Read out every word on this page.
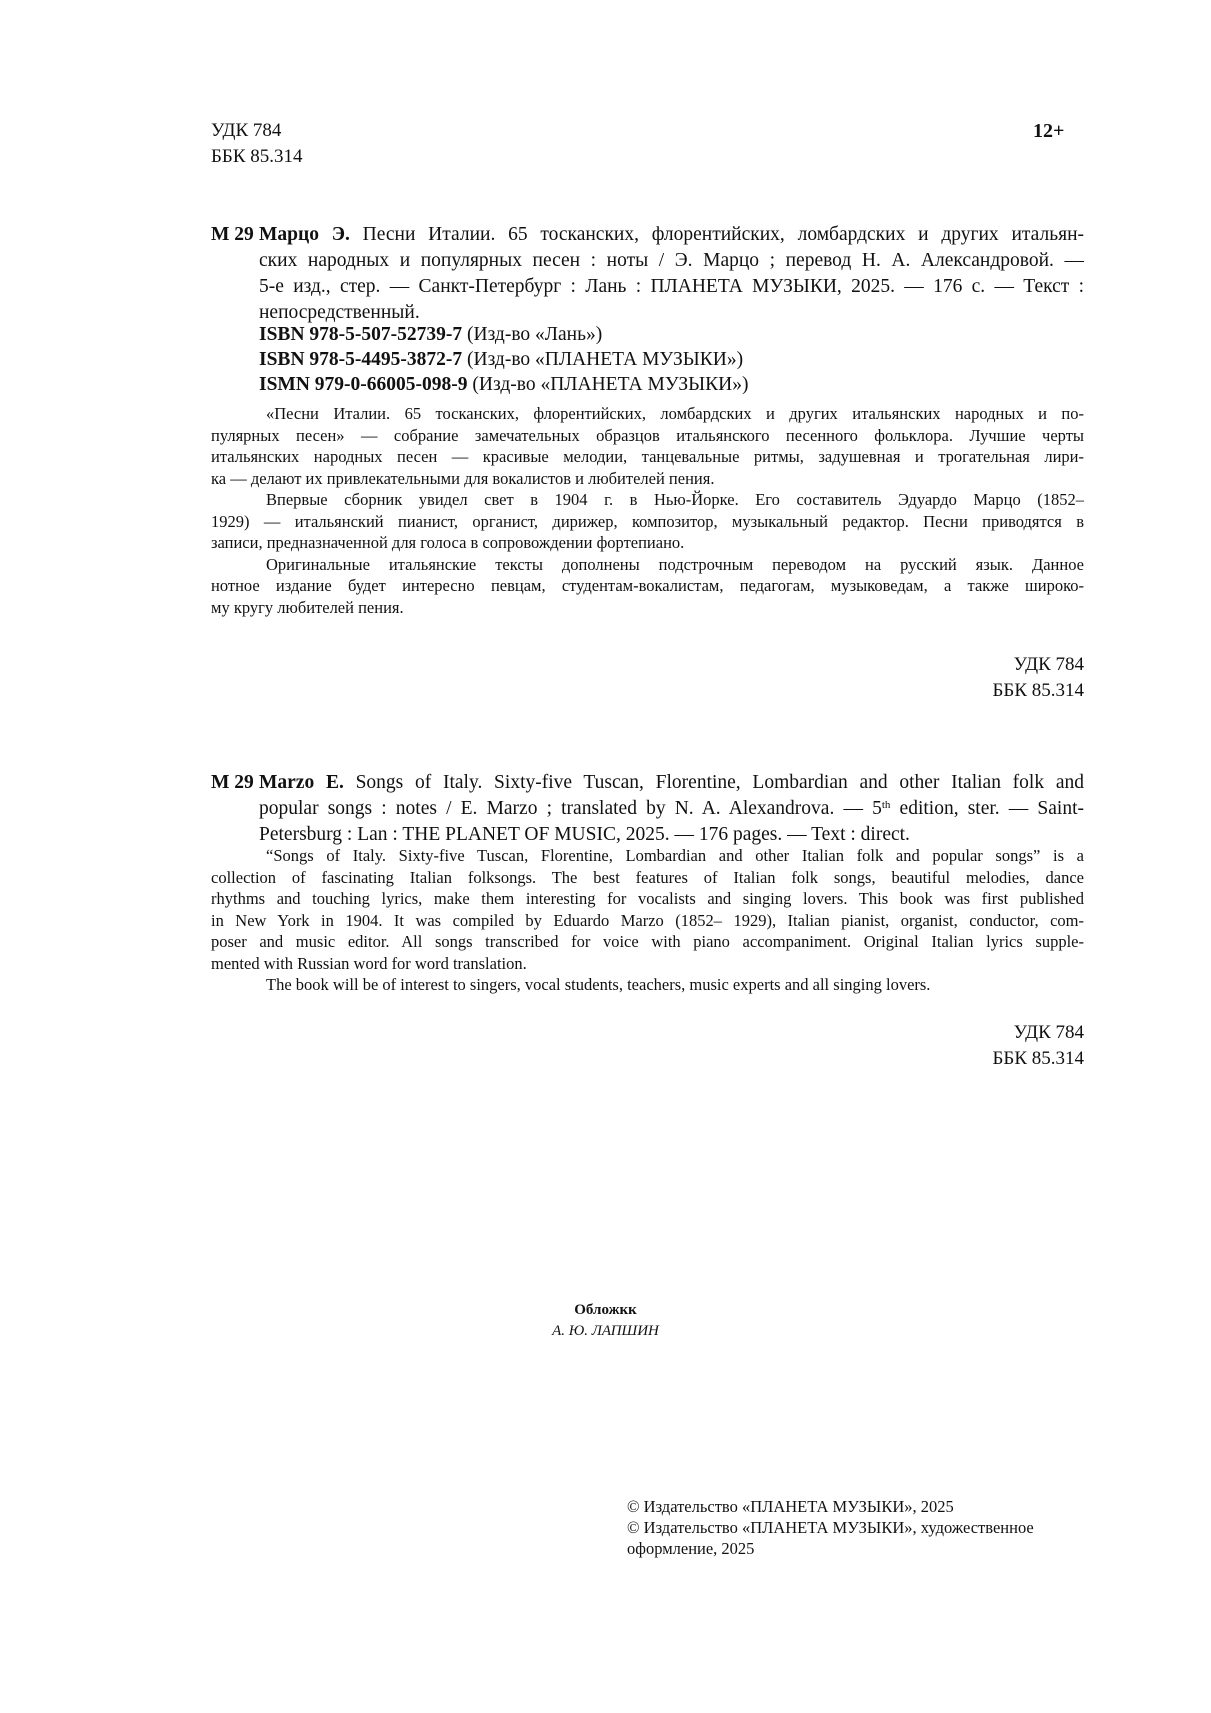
УДК 784
ББК 85.314
12+
М 29 Марцо Э. Песни Италии. 65 тосканских, флорентийских, ломбардских и других итальян-
ских народных и популярных песен : ноты / Э. Марцо ; перевод Н. А. Александровой. —
5-е изд., стер. — Санкт-Петербург : Лань : ПЛАНЕТА МУЗЫКИ, 2025. — 176 с. — Текст :
непосредственный.
ISBN 978-5-507-52739-7 (Изд-во «Лань»)
ISBN 978-5-4495-3872-7 (Изд-во «ПЛАНЕТА МУЗЫКИ»)
ISMN 979-0-66005-098-9 (Изд-во «ПЛАНЕТА МУЗЫКИ»)
«Песни Италии. 65 тосканских, флорентийских, ломбардских и других итальянских народных и по-
пулярных песен» — собрание замечательных образцов итальянского песенного фольклора. Лучшие черты
итальянских народных песен — красивые мелодии, танцевальные ритмы, задушевная и трогательная лири-
ка — делают их привлекательными для вокалистов и любителей пения.
Впервые сборник увидел свет в 1904 г. в Нью-Йорке. Его составитель Эдуардо Марцо (1852–
1929) — итальянский пианист, органист, дирижер, композитор, музыкальный редактор. Песни приводятся в
записи, предназначенной для голоса в сопровождении фортепиано.
Оригинальные итальянские тексты дополнены подстрочным переводом на русский язык. Данное
нотное издание будет интересно певцам, студентам-вокалистам, педагогам, музыковедам, а также широко-
му кругу любителей пения.
УДК 784
ББК 85.314
M 29 Marzo E. Songs of Italy. Sixty-five Tuscan, Florentine, Lombardian and other Italian folk and
popular songs : notes / E. Marzo ; translated by N. A. Alexandrova. — 5th edition, ster. — Saint-
Petersburg : Lan : THE PLANET OF MUSIC, 2025. — 176 pages. — Text : direct.
“Songs of Italy. Sixty-five Tuscan, Florentine, Lombardian and other Italian folk and popular songs” is a
collection of fascinating Italian folksongs. The best features of Italian folk songs, beautiful melodies, dance
rhythms and touching lyrics, make them interesting for vocalists and singing lovers. This book was first published
in New York in 1904. It was compiled by Eduardo Marzo (1852– 1929), Italian pianist, organist, conductor, com-
poser and music editor. All songs transcribed for voice with piano accompaniment. Original Italian lyrics supple-
mented with Russian word for word translation.
The book will be of interest to singers, vocal students, teachers, music experts and all singing lovers.
УДК 784
ББК 85.314
Обложкк
А. Ю. ЛАПШИН
© Издательство «ПЛАНЕТА МУЗЫКИ», 2025
© Издательство «ПЛАНЕТА МУЗЫКИ», художественное
оформление, 2025
